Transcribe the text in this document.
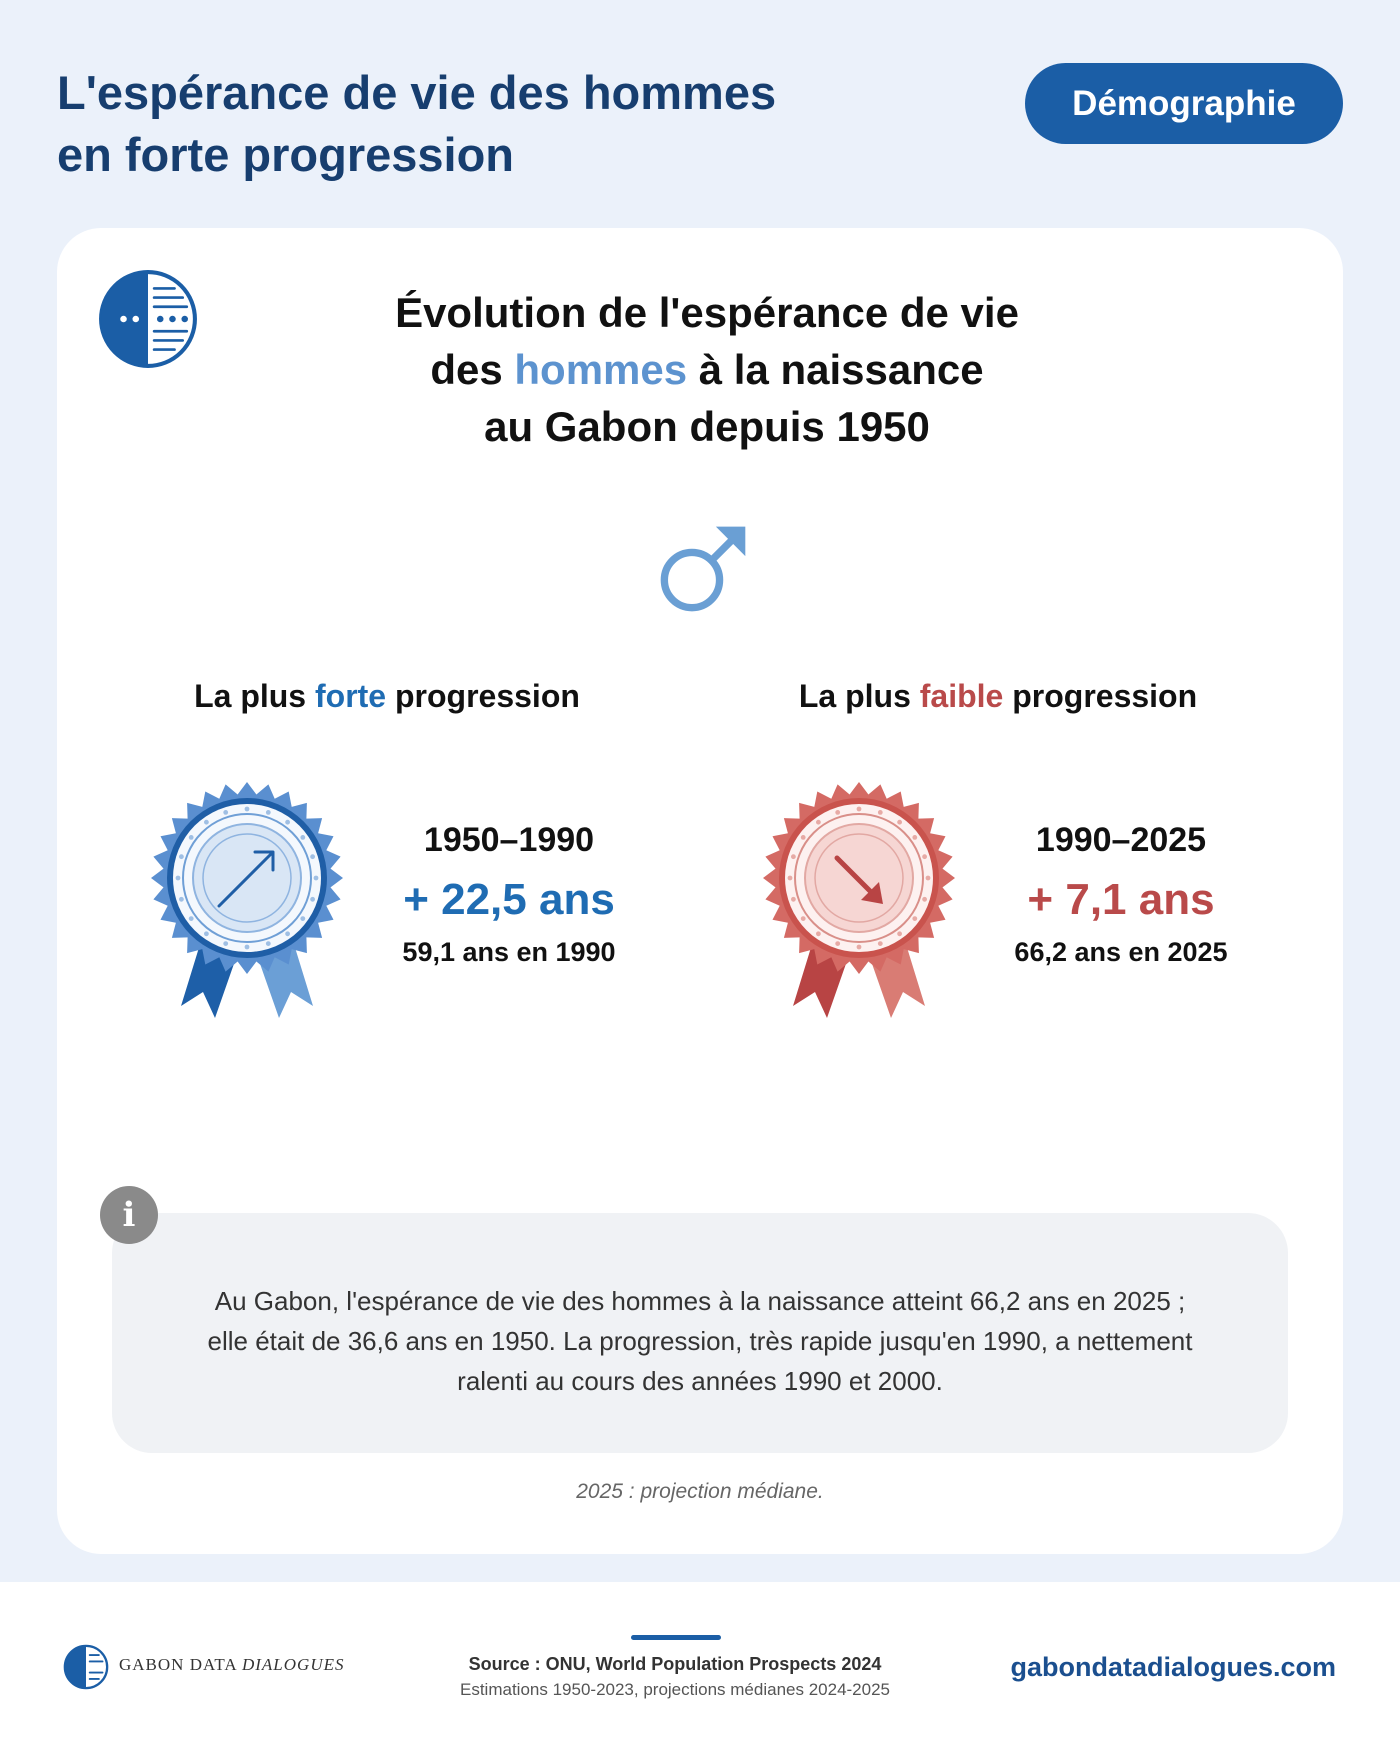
L'espérance de vie des hommes
en forte progression
Démographie
Évolution de l'espérance de vie
des hommes à la naissance
au Gabon depuis 1950
La plus forte progression
1950–1990
+ 22,5 ans
59,1 ans en 1990
La plus faible progression
1990–2025
+ 7,1 ans
66,2 ans en 2025
Au Gabon, l'espérance de vie des hommes à la naissance atteint 66,2 ans en 2025 ;
elle était de 36,6 ans en 1950. La progression, très rapide jusqu'en 1990, a nettement
ralenti au cours des années 1990 et 2000.
i
2025 : projection médiane.
GABON DATA DIALOGUES	Source : ONU, World Population Prospects 2024
Estimations 1950-2023, projections médianes 2024-2025
gabondatadialogues.com
